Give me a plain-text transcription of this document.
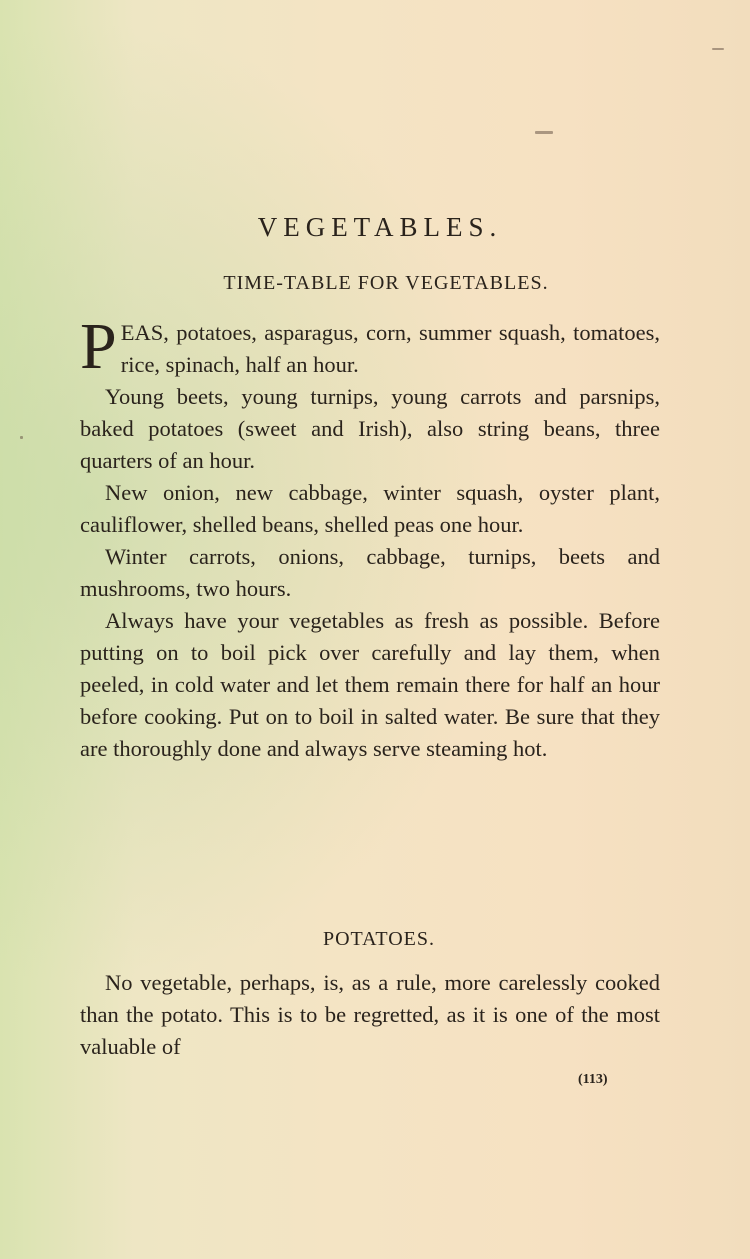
VEGETABLES.
TIME-TABLE FOR VEGETABLES.

PEAS, potatoes, asparagus, corn, summer squash, tomatoes, rice, spinach, half an hour.

Young beets, young turnips, young carrots and parsnips, baked potatoes (sweet and Irish), also string beans, three quarters of an hour.

New onion, new cabbage, winter squash, oyster plant, cauliflower, shelled beans, shelled peas one hour.

Winter carrots, onions, cabbage, turnips, beets and mushrooms, two hours.

Always have your vegetables as fresh as possible. Before putting on to boil pick over carefully and lay them, when peeled, in cold water and let them remain there for half an hour before cooking. Put on to boil in salted water. Be sure that they are thoroughly done and always serve steaming hot.

POTATOES.

No vegetable, perhaps, is, as a rule, more carelessly cooked than the potato. This is to be regretted, as it is one of the most valuable of

(113)
